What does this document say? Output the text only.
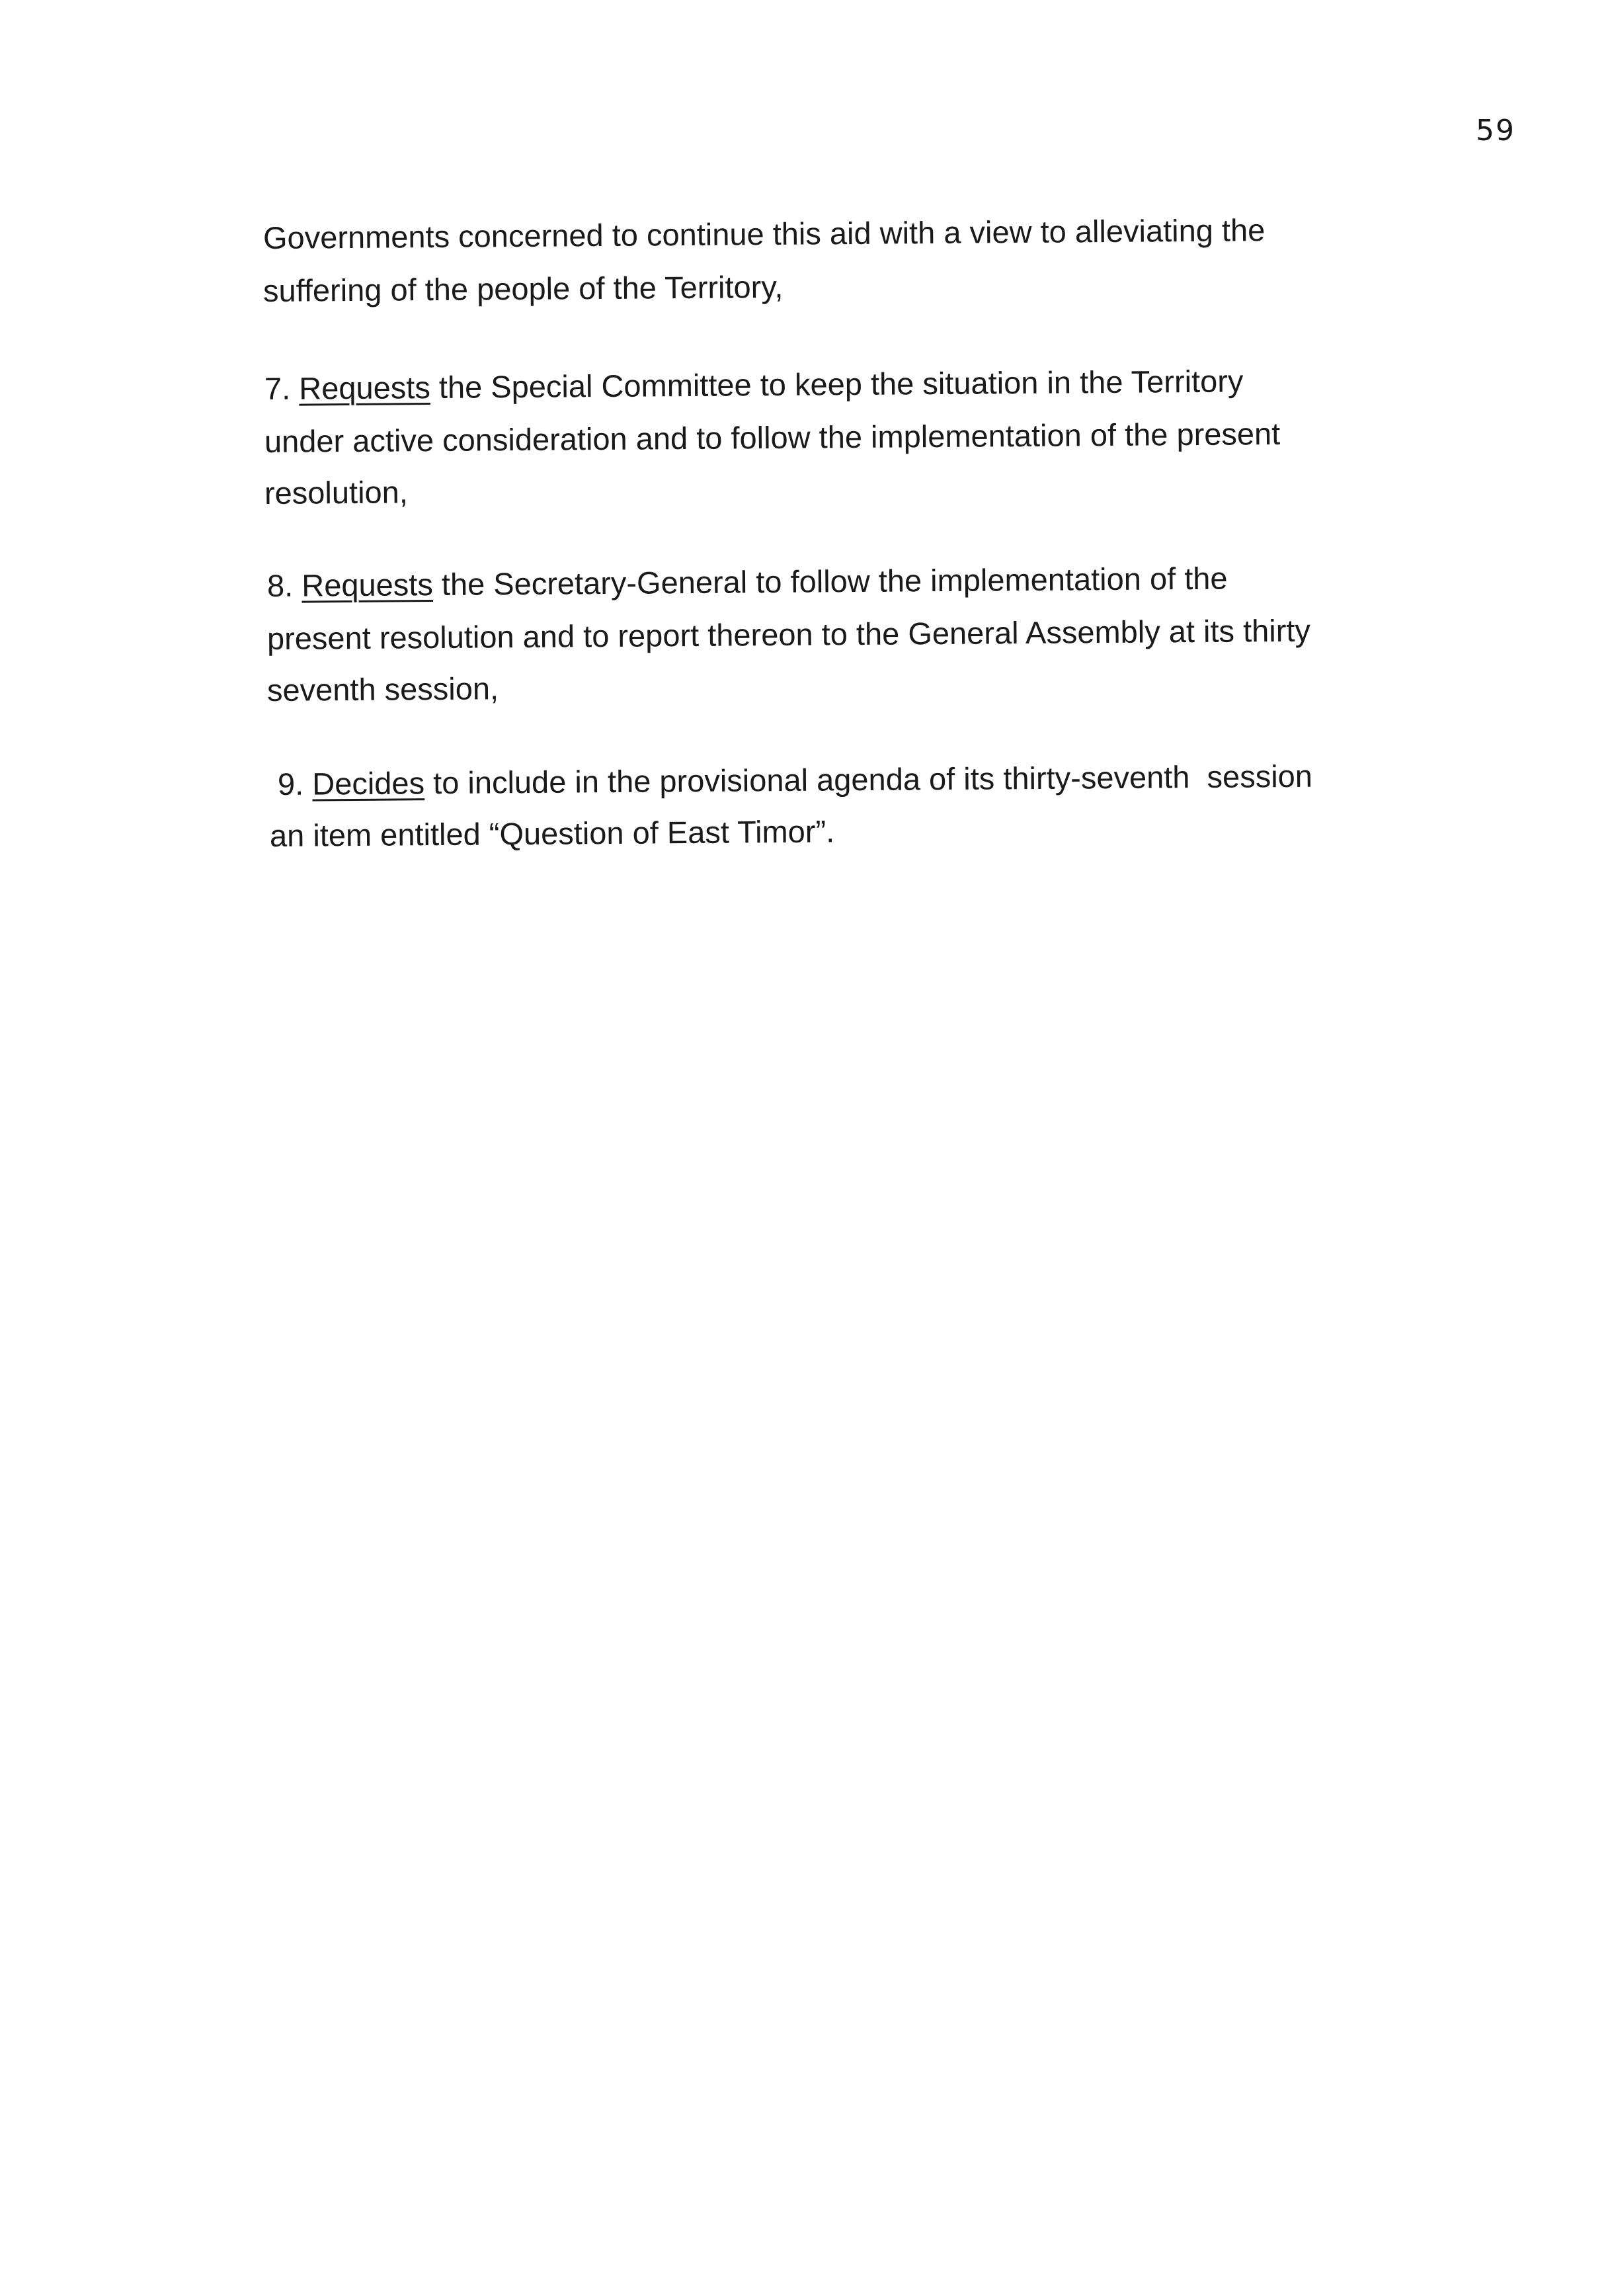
59
Governments concerned to continue this aid with a view to alleviating the
suffering of the people of the Territory,
7. Requests the Special Committee to keep the situation in the Territory
under active consideration and to follow the implementation of the present
resolution,
8. Requests the Secretary-General to follow the implementation of the
present resolution and to report thereon to the General Assembly at its thirty
seventh session,
9. Decides to include in the provisional agenda of its thirty-seventh  session
an item entitled “Question of East Timor”.
